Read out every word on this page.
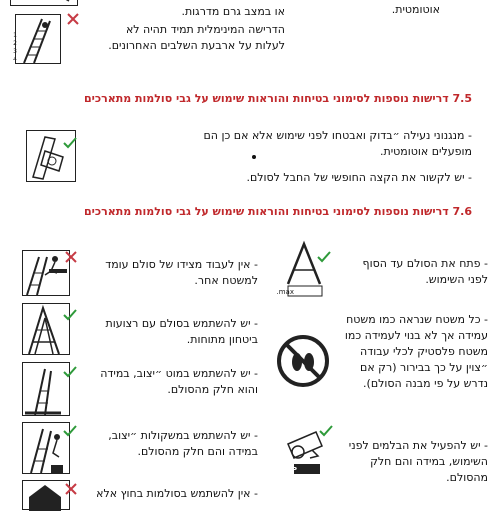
או במצב גרם מדרגות.	אוטומטית.
1
2
3
4
הדרישה המינימלית תמיד תהיה לא לעלות על ארבעת השלבים האחרונים.
7.5 דרישות נוספות לסימוני בטיחות והוראות שימוש על גבי סולמות מתארכים
- מנגנוני נעילה ״בדוק ואבטחו לפני שימוש אלא אם כן הם מופעלים אוטומטית.
- יש לקשור את הקצה החופשי של החבל לסולם.
7.6 דרישות נוספות לסימוני בטיחות והוראות שימוש על גבי סולמות מתארכים
- אין לעבוד מצידו של סולם עומד למשטח אחר.
- יש להשתמש בסולם עם רצועות ביטחון מתוחות.
- יש להשתמש במוט ״יצוב, במידה והוא חלק מהסולם.
- יש להשתמש במשקולות ״יצוב, במידה והם חלק מהסולם.
- אין להשתמש בסולמות בחוץ אלא
max.
- פתח את הסולם עד הסוף לפני השימוש.
- כל משטח שנראה כמו משטח עמידה אך לא בנוי לעמידה כמו משטח פלסטיק לכלי עבודה ״צוין על כך בבירור (רק אם נדרש על פי מבנה הסולם).
STOP
- יש להפעיל את הבלמים לפני השימוש, במידה והם חלק מהסולם.
